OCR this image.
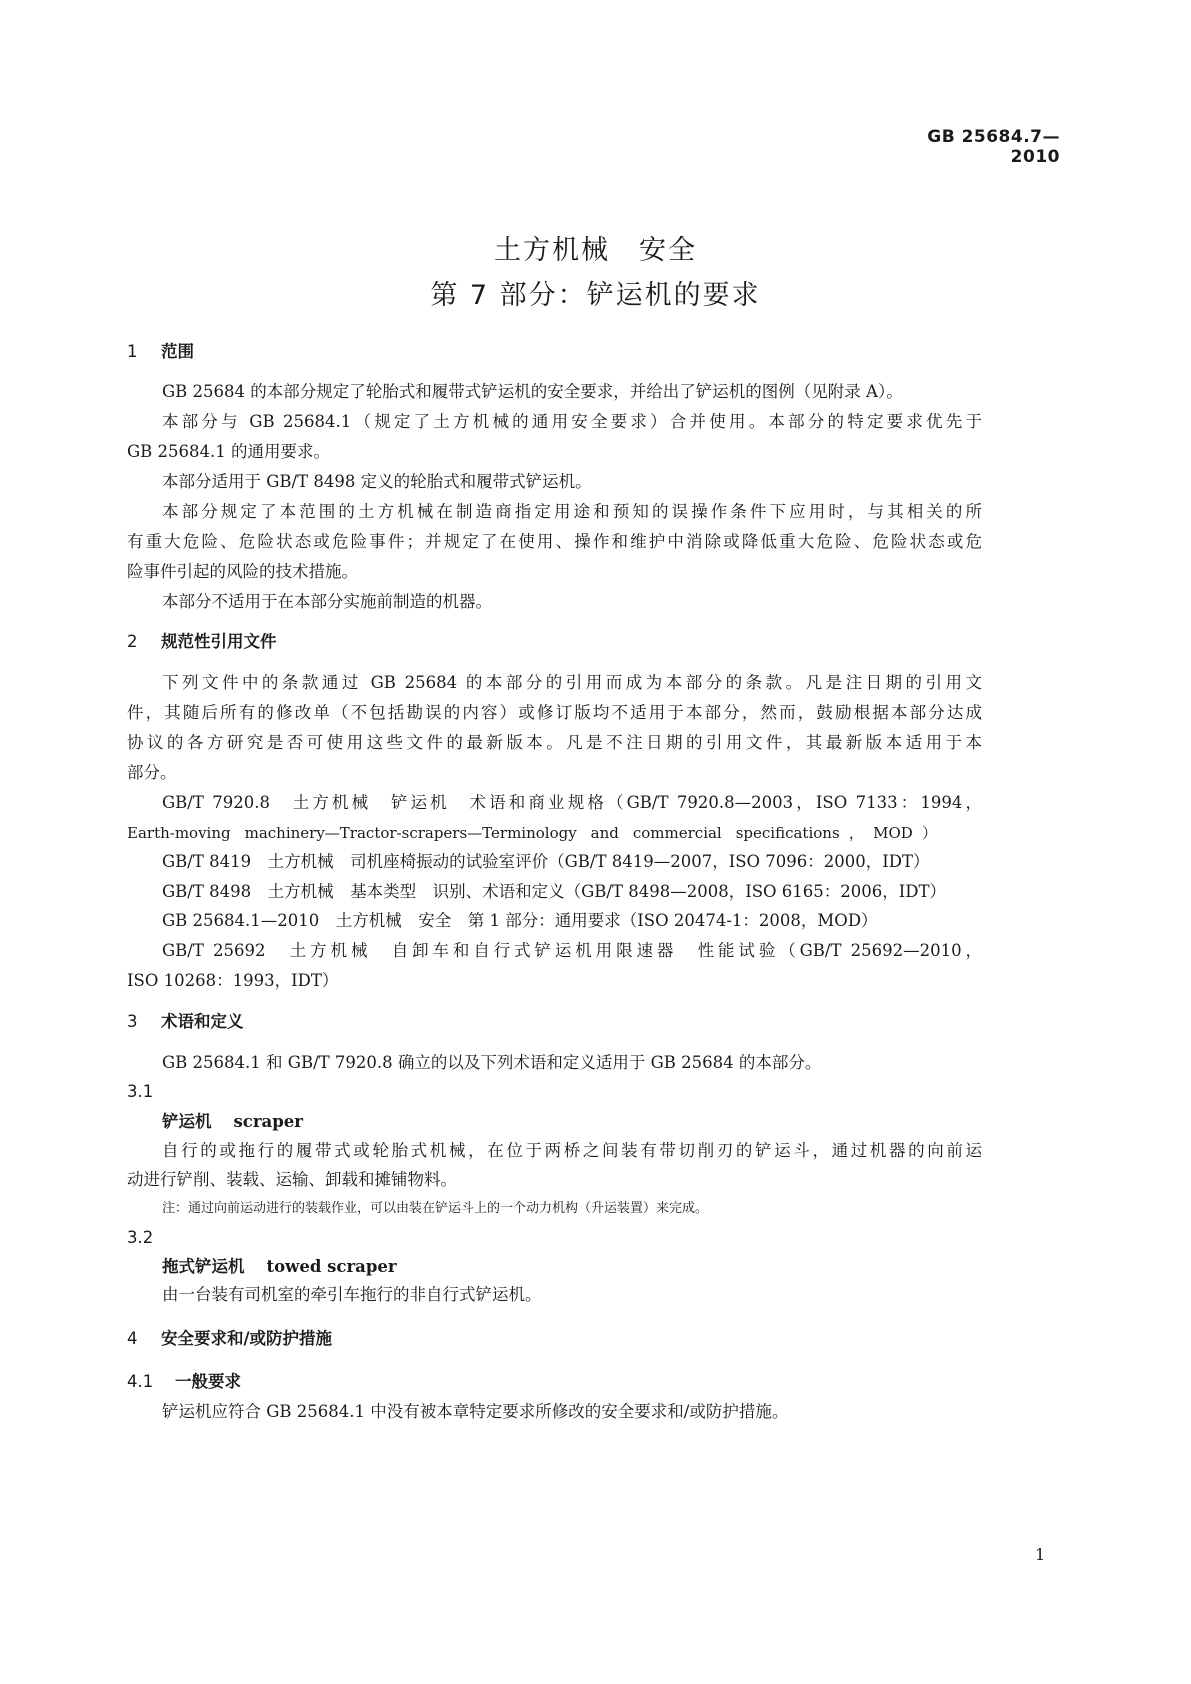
GB 25684.7—2010
土方机械　安全
第 7 部分：铲运机的要求
1 范围
GB 25684 的本部分规定了轮胎式和履带式铲运机的安全要求，并给出了铲运机的图例（见附录 A）。
本部分与 GB 25684.1（规定了土方机械的通用安全要求）合并使用。本部分的特定要求优先于
GB 25684.1 的通用要求。
本部分适用于 GB/T 8498 定义的轮胎式和履带式铲运机。
本部分规定了本范围的土方机械在制造商指定用途和预知的误操作条件下应用时，与其相关的所
有重大危险、危险状态或危险事件；并规定了在使用、操作和维护中消除或降低重大危险、危险状态或危
险事件引起的风险的技术措施。
本部分不适用于在本部分实施前制造的机器。
2 规范性引用文件
下列文件中的条款通过 GB 25684 的本部分的引用而成为本部分的条款。凡是注日期的引用文
件，其随后所有的修改单（不包括勘误的内容）或修订版均不适用于本部分，然而，鼓励根据本部分达成
协议的各方研究是否可使用这些文件的最新版本。凡是不注日期的引用文件，其最新版本适用于本
部分。
GB/T 7920.8　土方机械　铲运机　术语和商业规格（GB/T 7920.8—2003，ISO 7133：1994，
Earth-moving machinery—Tractor-scrapers—Terminology and commercial specifications，MOD）
GB/T 8419　土方机械　司机座椅振动的试验室评价（GB/T 8419—2007，ISO 7096：2000，IDT）
GB/T 8498　土方机械　基本类型　识别、术语和定义（GB/T 8498—2008，ISO 6165：2006，IDT）
GB 25684.1—2010　土方机械　安全　第 1 部分：通用要求（ISO 20474-1：2008，MOD）
GB/T 25692　土方机械　自卸车和自行式铲运机用限速器　性能试验（GB/T 25692—2010，
ISO 10268：1993，IDT）
3 术语和定义
GB 25684.1 和 GB/T 7920.8 确立的以及下列术语和定义适用于 GB 25684 的本部分。
3.1
铲运机 scraper
自行的或拖行的履带式或轮胎式机械，在位于两桥之间装有带切削刃的铲运斗，通过机器的向前运
动进行铲削、装载、运输、卸载和摊铺物料。
注：通过向前运动进行的装载作业，可以由装在铲运斗上的一个动力机构（升运装置）来完成。
3.2
拖式铲运机 towed scraper
由一台装有司机室的牵引车拖行的非自行式铲运机。
4 安全要求和/或防护措施
4.1 一般要求
铲运机应符合 GB 25684.1 中没有被本章特定要求所修改的安全要求和/或防护措施。
1
